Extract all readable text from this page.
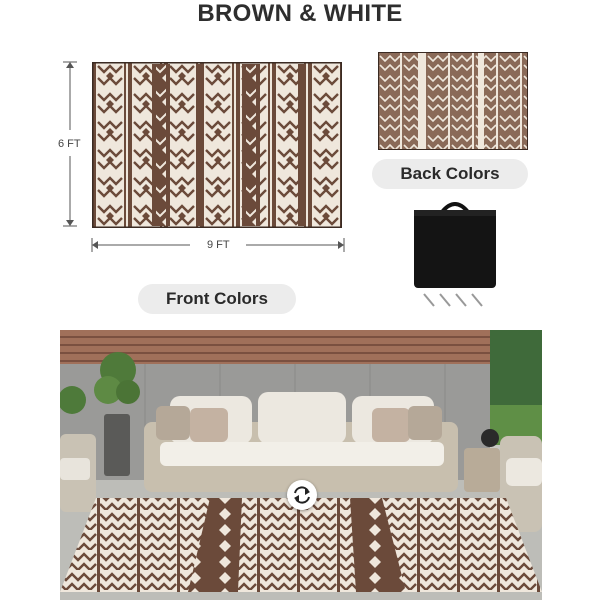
BROWN & WHITE
6 FT
9 FT
Back Colors
Front Colors
